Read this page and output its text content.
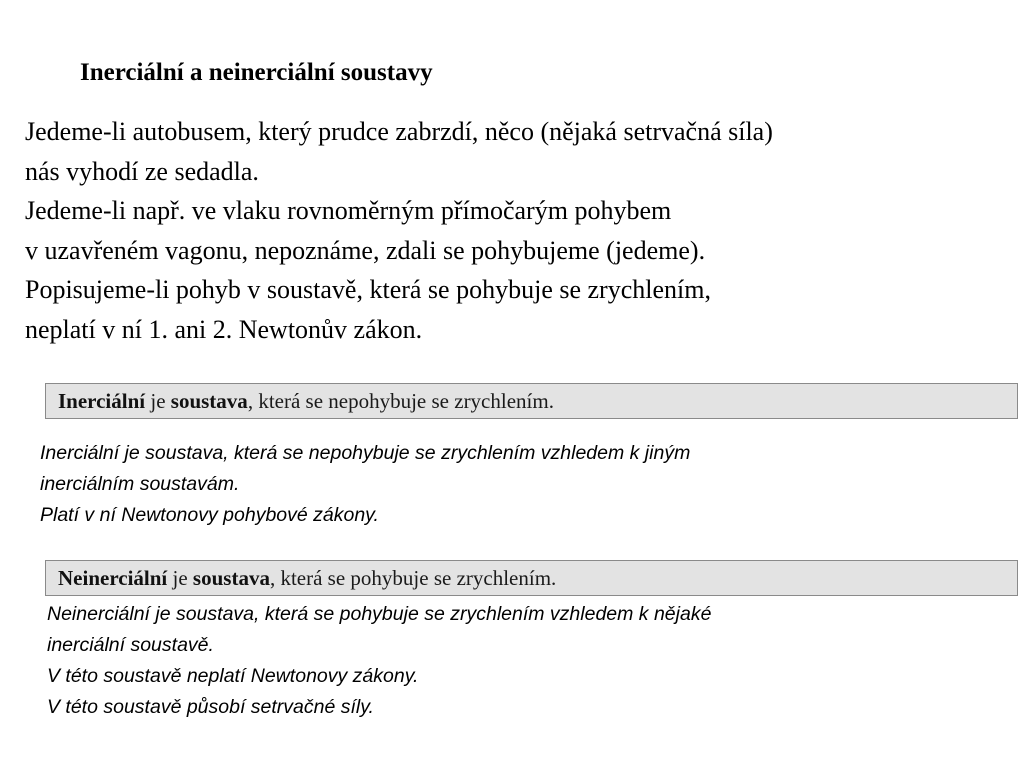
Inerciální a neinerciální soustavy
Jedeme-li autobusem, který prudce zabrzdí, něco (nějaká setrvačná síla)
nás vyhodí ze sedadla.
Jedeme-li např. ve vlaku rovnoměrným přímočarým pohybem
v uzavřeném vagonu, nepoznáme, zdali se pohybujeme (jedeme).
Popisujeme-li pohyb v soustavě, která se pohybuje se zrychlením,
neplatí v ní 1. ani 2. Newtonův zákon.
Inerciální je soustava, která se nepohybuje se zrychlením.
Inerciální je soustava, která se nepohybuje se zrychlením vzhledem k jiným
inerciálním soustavám.
Platí v ní Newtonovy pohybové zákony.
Neinerciální je soustava, která se pohybuje se zrychlením.
Neinerciální je soustava, která se pohybuje se zrychlením vzhledem k nějaké
inerciální soustavě.
V této soustavě neplatí Newtonovy zákony.
V této soustavě působí setrvačné síly.
